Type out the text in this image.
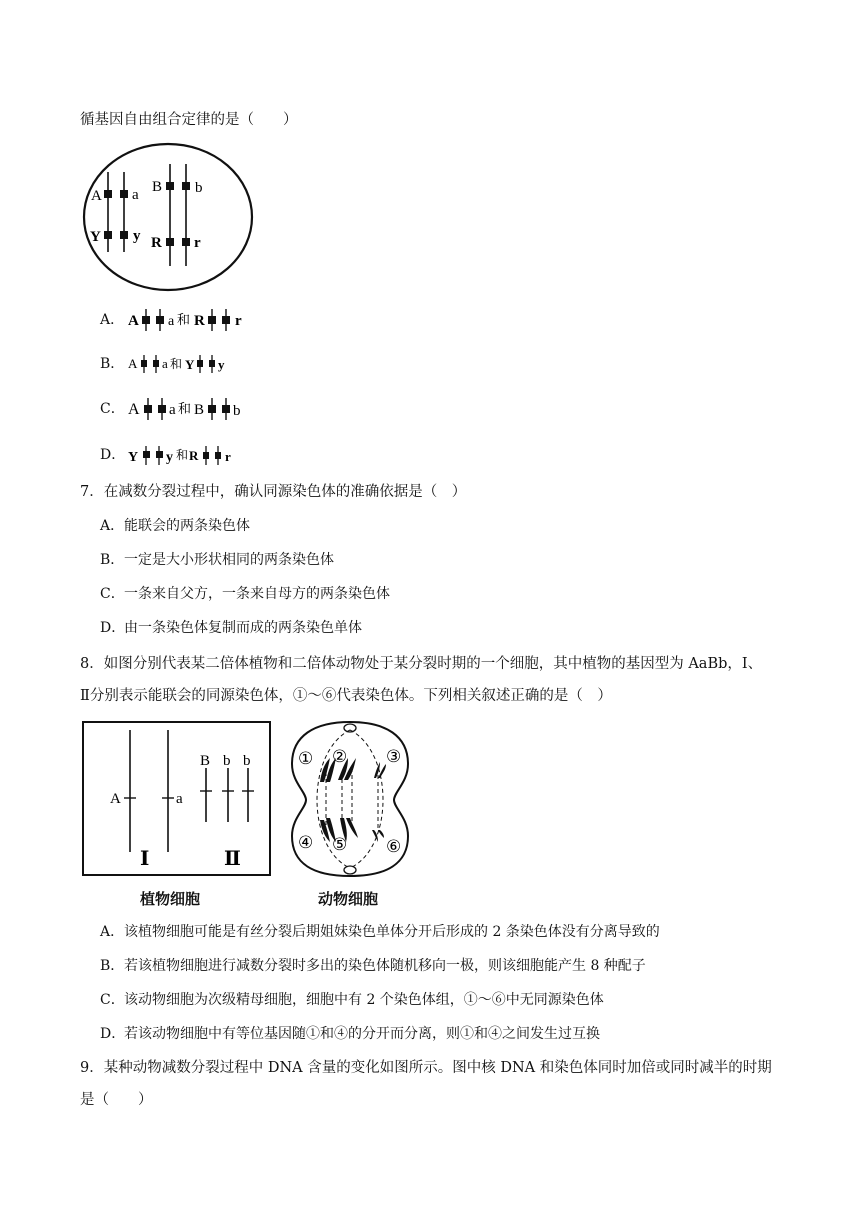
循基因自由组合定律的是（　　）
A a
Y y
B b
R r
A． A a 和 R r
B． A a 和 Y y
C． A a 和 B b
D． Y y 和 R r
7．在减数分裂过程中，确认同源染色体的准确依据是（　）
A．能联会的两条染色体
B．一定是大小形状相同的两条染色体
C．一条来自父方，一条来自母方的两条染色体
D．由一条染色体复制而成的两条染色单体
8．如图分别代表某二倍体植物和二倍体动物处于某分裂时期的一个细胞，其中植物的基因型为 AaBb，Ⅰ、
Ⅱ分别表示能联会的同源染色体，①～⑥代表染色体。下列相关叙述正确的是（　）
A	a
B b b
Ⅰ	Ⅱ
植物细胞
① ② ③
④ ⑤ ⑥
动物细胞
A．该植物细胞可能是有丝分裂后期姐妹染色单体分开后形成的 2 条染色体没有分离导致的
B．若该植物细胞进行减数分裂时多出的染色体随机移向一极，则该细胞能产生 8 种配子
C．该动物细胞为次级精母细胞，细胞中有 2 个染色体组，①～⑥中无同源染色体
D．若该动物细胞中有等位基因随①和④的分开而分离，则①和④之间发生过互换
9．某种动物减数分裂过程中 DNA 含量的变化如图所示。图中核 DNA 和染色体同时加倍或同时减半的时期
是（　　）
